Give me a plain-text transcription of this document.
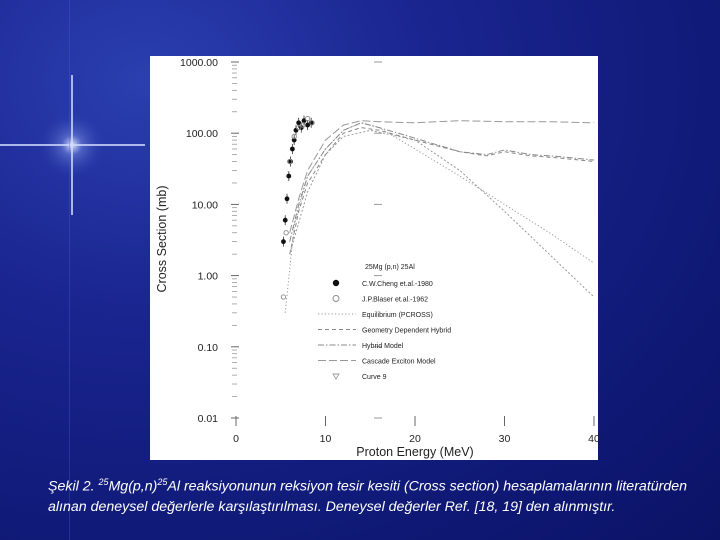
1000.00
100.00
10.00
1.00
0.10
0.01
0	10	20	30	40
Proton Energy (MeV)
Cross Section (mb)	25Mg (p,n) 25Al
C.W.Cheng et.al.-1980
J.P.Blaser et.al.-1962
Equilibrium (PCROSS)
Geometry Dependent Hybrid
Hybrid Model
Cascade Exciton Model
Curve 9
Şekil 2. $^{25}Mg(p,n)^{25}Al$ reaksiyonunun reksiyon tesir kesiti (Cross section) hesaplamalarının literatürden alınan deneysel değerlerle karşılaştırılması. Deneysel değerler Ref. [18, 19] den alınmıştır.
